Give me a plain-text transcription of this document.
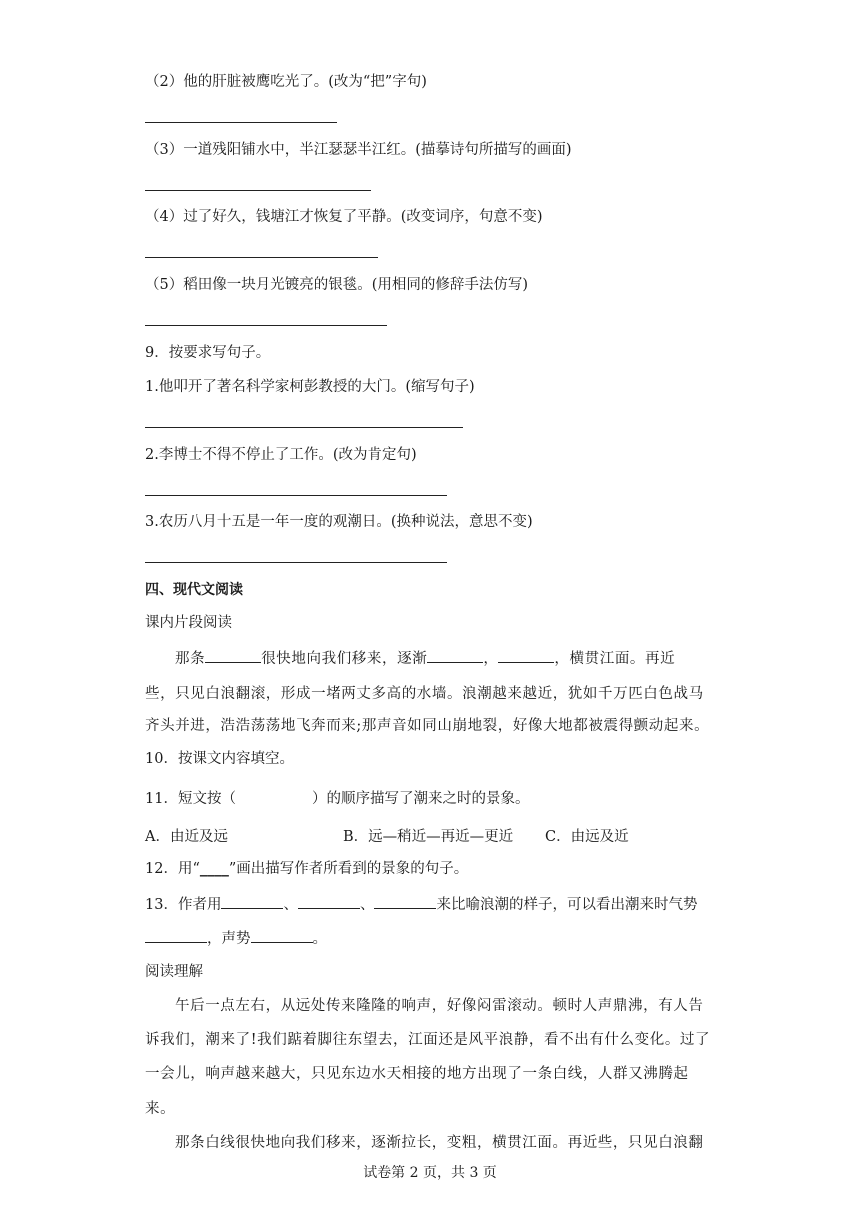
（2）他的肝脏被鹰吃光了。(改为“把”字句)
（3）一道残阳铺水中，半江瑟瑟半江红。(描摹诗句所描写的画面)
（4）过了好久，钱塘江才恢复了平静。(改变词序，句意不变)
（5）稻田像一块月光镀亮的银毯。(用相同的修辞手法仿写)
9．按要求写句子。
1.他叩开了著名科学家柯彭教授的大门。(缩写句子)
2.李博士不得不停止了工作。(改为肯定句)
3.农历八月十五是一年一度的观潮日。(换种说法，意思不变)
四、现代文阅读
课内片段阅读
那条	很快地向我们移来，逐渐	，	，横贯江面。再近
些，只见白浪翻滚，形成一堵两丈多高的水墙。浪潮越来越近，犹如千万匹白色战马
齐头并进，浩浩荡荡地飞奔而来;那声音如同山崩地裂，好像大地都被震得颤动起来。
10．按课文内容填空。
11．短文按（	）的顺序描写了潮来之时的景象。
A．由近及远	B．远—稍近—再近—更近 C．由远及近
12．用“____”画出描写作者所看到的景象的句子。
13．作者用	、	、	来比喻浪潮的样子，可以看出潮来时气势
，声势	。
阅读理解
午后一点左右，从远处传来隆隆的响声，好像闷雷滚动。顿时人声鼎沸，有人告
诉我们，潮来了!我们踮着脚往东望去，江面还是风平浪静，看不出有什么变化。过了
一会儿，响声越来越大，只见东边水天相接的地方出现了一条白线，人群又沸腾起
来。
那条白线很快地向我们移来，逐渐拉长，变粗，横贯江面。再近些，只见白浪翻
试卷第 2 页，共 3 页
